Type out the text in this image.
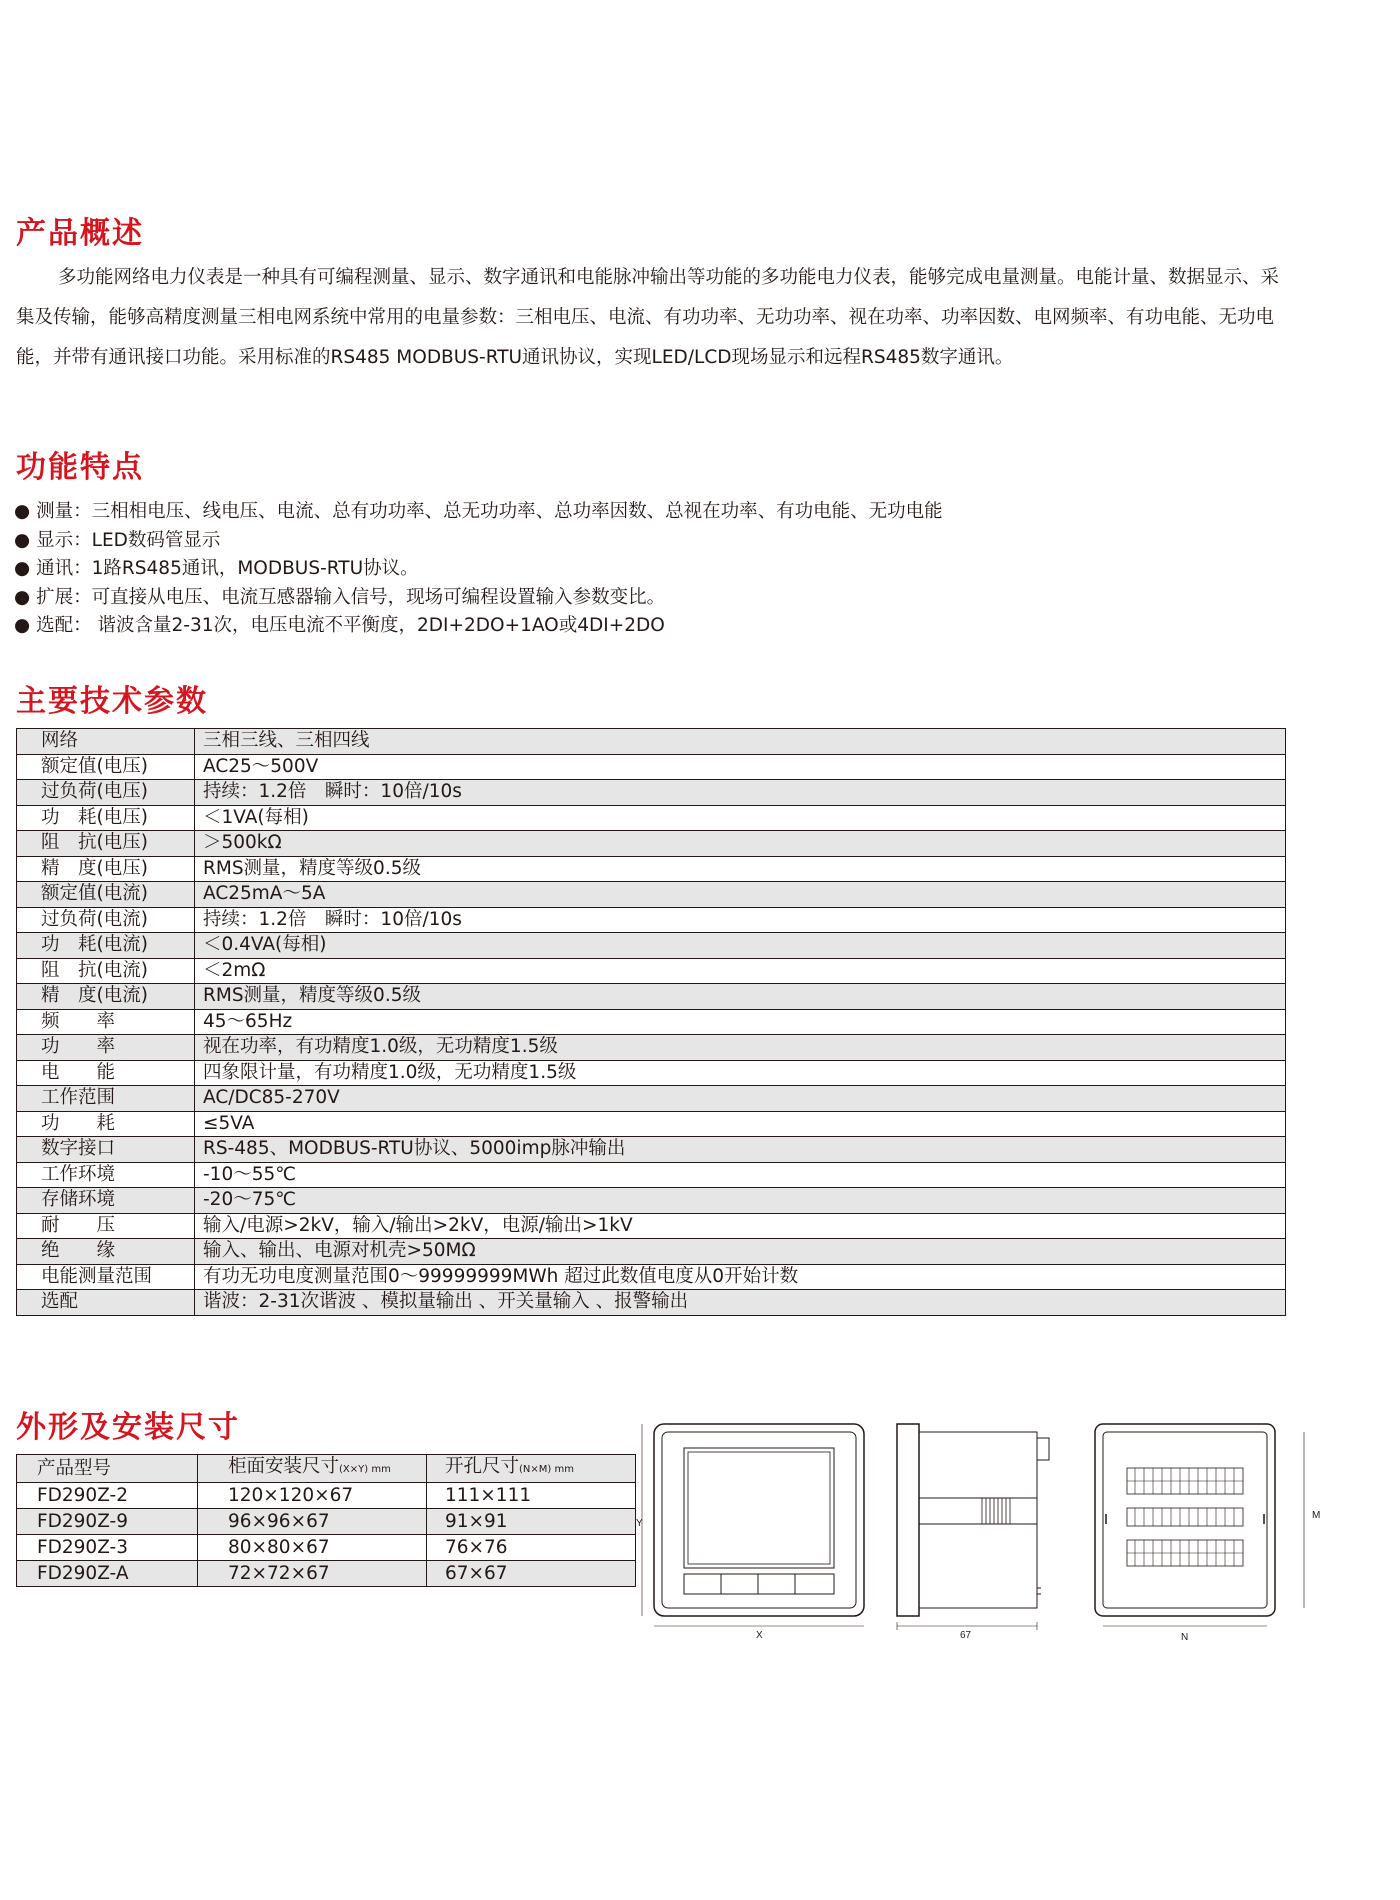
产品概述

多功能网络电力仪表是一种具有可编程测量、显示、数字通讯和电能脉冲输出等功能的多功能电力仪表，能够完成电量测量。电能计量、数据显示、采集及传输，能够高精度测量三相电网系统中常用的电量参数：三相电压、电流、有功功率、无功功率、视在功率、功率因数、电网频率、有功电能、无功电能，并带有通讯接口功能。采用标准的RS485 MODBUS-RTU通讯协议，实现LED/LCD现场显示和远程RS485数字通讯。

功能特点
● 测量：三相相电压、线电压、电流、总有功功率、总无功功率、总功率因数、总视在功率、有功电能、无功电能
● 显示：LED数码管显示
● 通讯：1路RS485通讯，MODBUS-RTU协议。
● 扩展：可直接从电压、电流互感器输入信号，现场可编程设置输入参数变比。
● 选配： 谐波含量2-31次，电压电流不平衡度，2DI+2DO+1AO或4DI+2DO
主要技术参数
网络	三相三线、三相四线
额定值(电压)	AC25～500V
过负荷(电压)	持续：1.2倍　瞬时：10倍/10s
功　耗(电压)	＜1VA(每相)
阻　抗(电压)	＞500kΩ
精　度(电压)	RMS测量，精度等级0.5级
额定值(电流)	AC25mA～5A
过负荷(电流)	持续：1.2倍　瞬时：10倍/10s
功　耗(电流)	＜0.4VA(每相)
阻　抗(电流)	＜2mΩ
精　度(电流)	RMS测量，精度等级0.5级
频　　率	45～65Hz
功　　率	视在功率，有功精度1.0级，无功精度1.5级
电　　能	四象限计量，有功精度1.0级，无功精度1.5级
工作范围	AC/DC85-270V
功　　耗	≤5VA
数字接口	RS-485、MODBUS-RTU协议、5000imp脉冲输出
工作环境	-10～55℃
存储环境	-20～75℃
耐　　压	输入/电源>2kV，输入/输出>2kV，电源/输出>1kV
绝　　缘	输入、输出、电源对机壳>50MΩ
电能测量范围	有功无功电度测量范围0～99999999MWh 超过此数值电度从0开始计数
选配	谐波：2-31次谐波 、模拟量输出 、开关量输入 、报警输出
外形及安装尺寸
产品型号	柜面安装尺寸(X×Y) mm	开孔尺寸(N×M) mm
FD290Z-2	120×120×67	111×111
FD290Z-9	96×96×67	91×91
FD290Z-3	80×80×67	76×76
FD290Z-A	72×72×67	67×67
Y
X	67	N
M
